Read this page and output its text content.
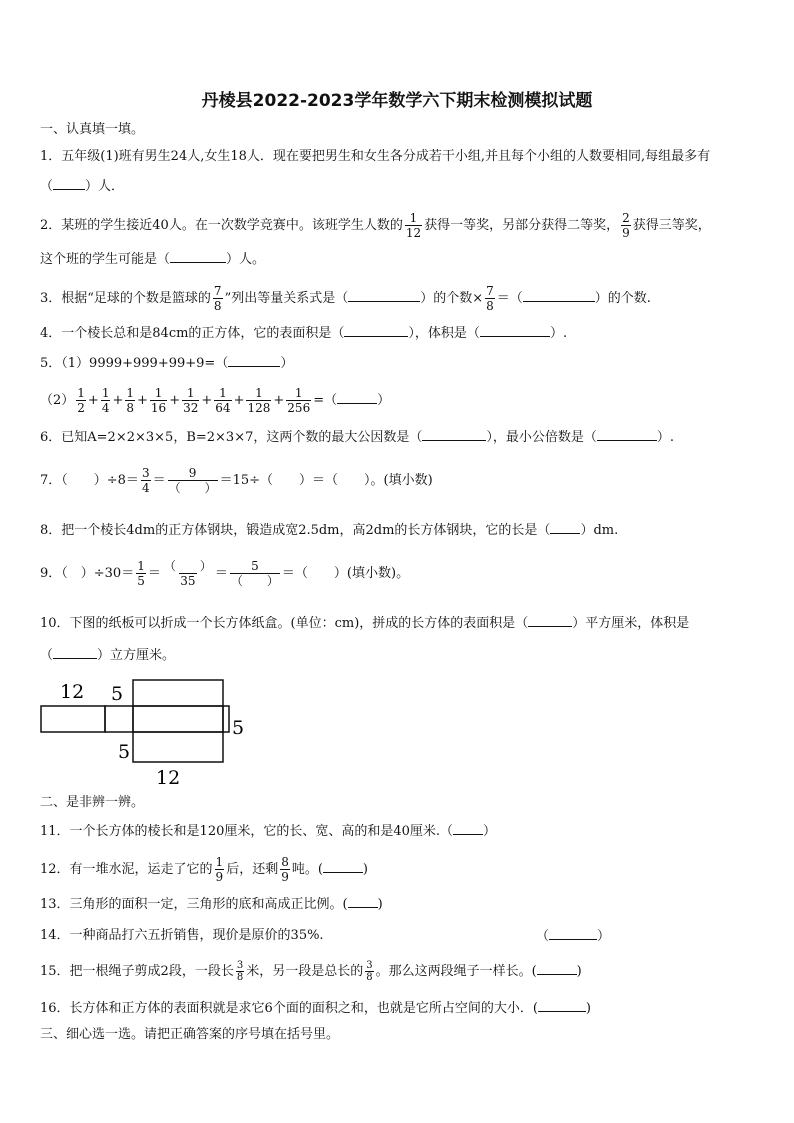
丹棱县2022-2023学年数学六下期末检测模拟试题
一、认真填一填。
1．五年级(1)班有男生24人,女生18人．现在要把男生和女生各分成若干小组,并且每个小组的人数要相同,每组最多有
（ ）人．
2．某班的学生接近40人。在一次数学竞赛中。该班学生人数的 $\frac{1}{12}$ 获得一等奖，另部分获得二等奖， $\frac{2}{9}$ 获得三等奖，
这个班的学生可能是（	）人。
3．根据“足球的个数是篮球的 $\frac{7}{8}$ ”列出等量关系式是（	）的个数× $\frac{7}{8}$ ＝（	）的个数.
4．一个棱长总和是84cm的正方体，它的表面积是（	），体积是（	）.
5．（1）9999+999+99+9=（	）
$(2) \frac{1}{2} + \frac{1}{4} + \frac{1}{8} + \frac{1}{16} + \frac{1}{32} + \frac{1}{64} + \frac{1}{128} + \frac{1}{256}$ =（	）
6．已知A=2×2×3×5，B=2×3×7，这两个数的最大公因数是（	），最小公倍数是（	）.
7．（　　）$\div 8= \frac{3}{4} = \frac{9}{( )} =15\div$（　　）＝（　　）。(填小数)
8．把一个棱长4dm的正方体钢块，锻造成宽2.5dm，高2dm的长方体钢块，它的长是（ ）dm.
9．（　）$\div 30= \frac{1}{5} = \frac{( )}{35} = \frac{5}{( )}$ ＝（　　）(填小数)。
10．下图的纸板可以折成一个长方体纸盒。(单位：cm)，拼成的长方体的表面积是（	）平方厘米，体积是
（	）立方厘米。
12 5
5
5
12
二、是非辨一辨。
11．一个长方体的棱长和是120厘米，它的长、宽、高的和是40厘米.（ ）
12．有一堆水泥，运走了它的 $\frac{1}{9}$ 后，还剩 $\frac{8}{9}$ 吨。(	)
13．三角形的面积一定，三角形的底和高成正比例。( )
14．一种商品打六五折销售，现价是原价的35%.	（	）
15．把一根绳子剪成2段，一段长 $\frac{3}{8}$ 米，另一段是总长的 $\frac{3}{8}$ 。那么这两段绳子一样长。(	)
16．长方体和正方体的表面积就是求它6个面的面积之和，也就是它所占空间的大小．(	)
三、细心选一选。请把正确答案的序号填在括号里。
